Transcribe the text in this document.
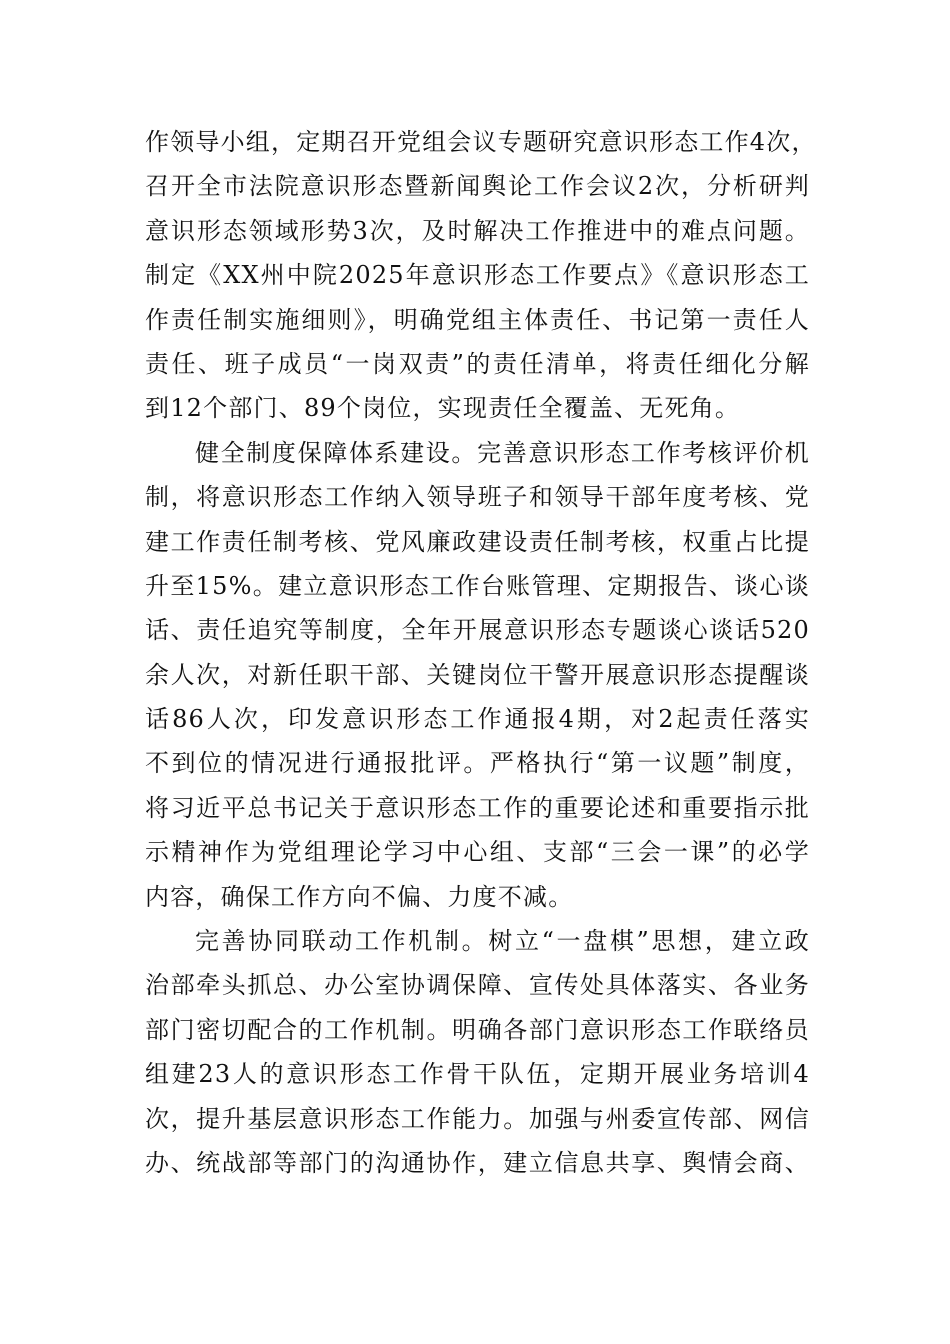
作领导小组，定期召开党组会议专题研究意识形态工作4次，
召开全市法院意识形态暨新闻舆论工作会议2次，分析研判
意识形态领域形势3次，及时解决工作推进中的难点问题。
制定《XX州中院2025年意识形态工作要点》《意识形态工
作责任制实施细则》，明确党组主体责任、书记第一责任人
责任、班子成员“一岗双责”的责任清单，将责任细化分解
到12个部门、89个岗位，实现责任全覆盖、无死角。
健全制度保障体系建设。完善意识形态工作考核评价机
制，将意识形态工作纳入领导班子和领导干部年度考核、党
建工作责任制考核、党风廉政建设责任制考核，权重占比提
升至15%。建立意识形态工作台账管理、定期报告、谈心谈
话、责任追究等制度，全年开展意识形态专题谈心谈话520
余人次，对新任职干部、关键岗位干警开展意识形态提醒谈
话86人次，印发意识形态工作通报4期，对2起责任落实
不到位的情况进行通报批评。严格执行“第一议题”制度，
将习近平总书记关于意识形态工作的重要论述和重要指示批
示精神作为党组理论学习中心组、支部“三会一课”的必学
内容，确保工作方向不偏、力度不减。
完善协同联动工作机制。树立“一盘棋”思想，建立政
治部牵头抓总、办公室协调保障、宣传处具体落实、各业务
部门密切配合的工作机制。明确各部门意识形态工作联络员
组建23人的意识形态工作骨干队伍，定期开展业务培训4
次，提升基层意识形态工作能力。加强与州委宣传部、网信
办、统战部等部门的沟通协作，建立信息共享、舆情会商、
